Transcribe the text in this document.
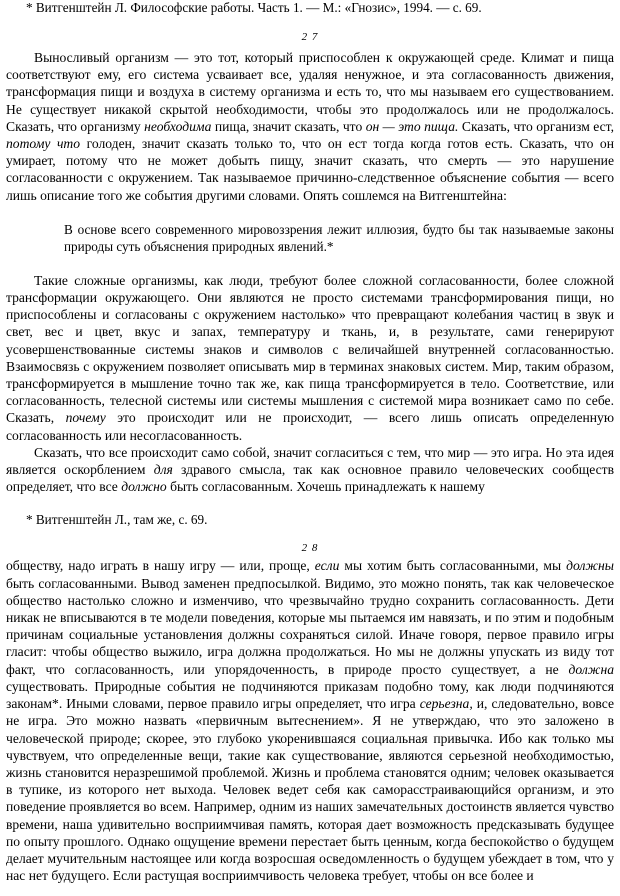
* Витгенштейн Л. Философские работы. Часть 1. — М.: «Гнозис», 1994. — с. 69.

2 7

Выносливый организм — это тот, который приспособлен к окружающей среде. Климат и пища соответствуют ему, его система усваивает все, удаляя ненужное, и эта согласованность движения, трансформация пищи и воздуха в систему организма и есть то, что мы называем его существованием. Не существует никакой скрытой необходимости, чтобы это продолжалось или не продолжалось. Сказать, что организму необходима пища, значит сказать, что он — это пища. Сказать, что организм ест, потому что голоден, значит сказать только то, что он ест тогда когда готов есть. Сказать, что он умирает, потому что не может добыть пищу, значит сказать, что смерть — это нарушение согласованности с окружением. Так называемое причинно-следственное объяснение события — всего лишь описание того же события другими словами. Опять сошлемся на Витгенштейна:

В основе всего современного мировоззрения лежит иллюзия, будто бы так называемые законы природы суть объяснения природных явлений.*

Такие сложные организмы, как люди, требуют более сложной согласованности, более сложной трансформации окружающего. Они являются не просто системами трансформирования пищи, но приспособлены и согласованы с окружением настолько» что превращают колебания частиц в звук и свет, вес и цвет, вкус и запах, температуру и ткань, и, в результате, сами генерируют усовершенствованные системы знаков и символов с величайшей внутренней согласованностью. Взаимосвязь с окружением позволяет описывать мир в терминах знаковых систем. Мир, таким образом, трансформируется в мышление точно так же, как пища трансформируется в тело. Соответствие, или согласованность, телесной системы или системы мышления с системой мира возникает само по себе. Сказать, почему это происходит или не происходит, — всего лишь описать определенную согласованность или несогласованность.

Сказать, что все происходит само собой, значит согласиться с тем, что мир — это игра. Но эта идея является оскорблением для здравого смысла, так как основное правило человеческих сообществ определяет, что все должно быть согласованным. Хочешь принадлежать к нашему

* Витгенштейн Л., там же, с. 69.

2 8

обществу, надо играть в нашу игру — или, проще, если мы хотим быть согласованными, мы должны быть согласованными. Вывод заменен предпосылкой. Видимо, это можно понять, так как человеческое общество настолько сложно и изменчиво, что чрезвычайно трудно сохранить согласованность. Дети никак не вписываются в те модели поведения, которые мы пытаемся им навязать, и по этим и подобным причинам социальные установления должны сохраняться силой. Иначе говоря, первое правило игры гласит: чтобы общество выжило, игра должна продолжаться. Но мы не должны упускать из виду тот факт, что согласованность, или упорядоченность, в природе просто существует, а не должна существовать. Природные события не подчиняются приказам подобно тому, как люди подчиняются законам*. Иными словами, первое правило игры определяет, что игра серьезна, и, следовательно, вовсе не игра. Это можно назвать «первичным вытеснением». Я не утверждаю, что это заложено в человеческой природе; скорее, это глубоко укоренившаяся социальная привычка. Ибо как только мы чувствуем, что определенные вещи, такие как существование, являются серьезной необходимостью, жизнь становится неразрешимой проблемой. Жизнь и проблема становятся одним; человек оказывается в тупике, из которого нет выхода. Человек ведет себя как саморасстраивающийся организм, и это поведение проявляется во всем. Например, одним из наших замечательных достоинств является чувство времени, наша удивительно восприимчивая память, которая дает возможность предсказывать будущее по опыту прошлого. Однако ощущение времени перестает быть ценным, когда беспокойство о будущем делает мучительным настоящее или когда возросшая осведомленность о будущем убеждает в том, что у нас нет будущего. Если растущая восприимчивость человека требует, чтобы он все более и
